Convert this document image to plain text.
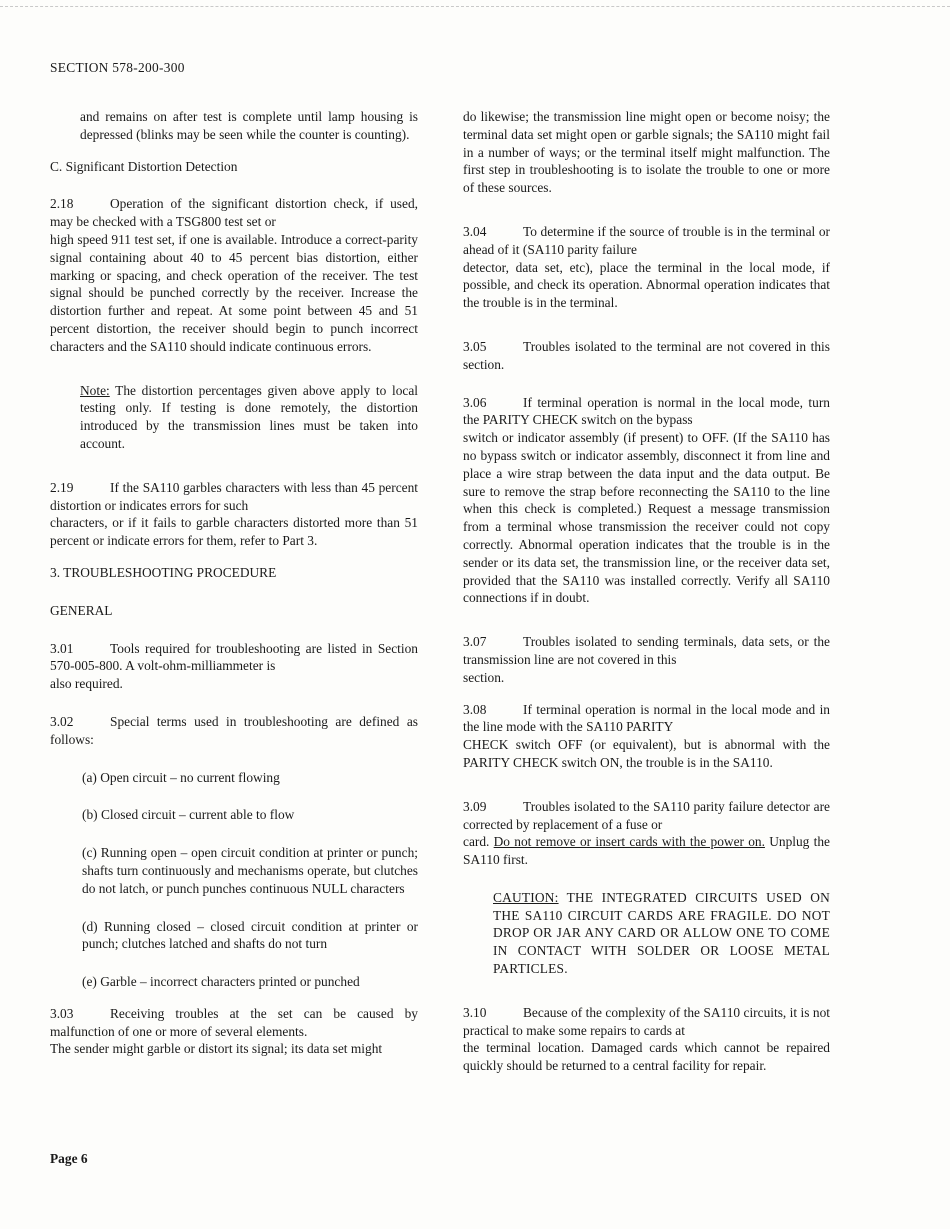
SECTION 578-200-300

and remains on after test is complete until lamp housing is depressed (blinks may be seen while the counter is counting).

C. Significant Distortion Detection

2.18	Operation of the significant distortion check, if used, may be checked with a TSG800 test set or

high speed 911 test set, if one is available. Introduce a correct-parity signal containing about 40 to 45 percent bias distortion, either marking or spacing, and check operation of the receiver. The test signal should be punched correctly by the receiver. Increase the distortion further and repeat. At some point between 45 and 51 percent distortion, the receiver should begin to punch incorrect characters and the SA110 should indicate continuous errors.

Note: The distortion percentages given above apply to local testing only. If testing is done remotely, the distortion introduced by the transmission lines must be taken into account.

2.19	If the SA110 garbles characters with less than 45 percent distortion or indicates errors for such

characters, or if it fails to garble characters distorted more than 51 percent or indicate errors for them, refer to Part 3.

3. TROUBLESHOOTING PROCEDURE

GENERAL

3.01	Tools required for troubleshooting are listed in Section 570-005-800. A volt-ohm-milliammeter is

also required.

3.02	Special terms used in troubleshooting are defined as follows:

(a) Open circuit – no current flowing

(b) Closed circuit – current able to flow

(c) Running open – open circuit condition at printer or punch; shafts turn continuously and mechanisms operate, but clutches do not latch, or punch punches continuous NULL characters

(d) Running closed – closed circuit condition at printer or punch; clutches latched and shafts do not turn

(e) Garble – incorrect characters printed or punched

3.03	Receiving troubles at the set can be caused by malfunction of one or more of several elements.

The sender might garble or distort its signal; its data set might

do likewise; the transmission line might open or become noisy; the terminal data set might open or garble signals; the SA110 might fail in a number of ways; or the terminal itself might malfunction. The first step in troubleshooting is to isolate the trouble to one or more of these sources.

3.04	To determine if the source of trouble is in the terminal or ahead of it (SA110 parity failure

detector, data set, etc), place the terminal in the local mode, if possible, and check its operation. Abnormal operation indicates that the trouble is in the terminal.

3.05	Troubles isolated to the terminal are not covered in this section.

3.06	If terminal operation is normal in the local mode, turn the PARITY CHECK switch on the bypass

switch or indicator assembly (if present) to OFF. (If the SA110 has no bypass switch or indicator assembly, disconnect it from line and place a wire strap between the data input and the data output. Be sure to remove the strap before reconnecting the SA110 to the line when this check is completed.) Request a message transmission from a terminal whose transmission the receiver could not copy correctly. Abnormal operation indicates that the trouble is in the sender or its data set, the transmission line, or the receiver data set, provided that the SA110 was installed correctly. Verify all SA110 connections if in doubt.

3.07	Troubles isolated to sending terminals, data sets, or the transmission line are not covered in this

section.

3.08	If terminal operation is normal in the local mode and in the line mode with the SA110 PARITY

CHECK switch OFF (or equivalent), but is abnormal with the PARITY CHECK switch ON, the trouble is in the SA110.

3.09	Troubles isolated to the SA110 parity failure detector are corrected by replacement of a fuse or

card. Do not remove or insert cards with the power on. Unplug the SA110 first.

CAUTION: THE INTEGRATED CIRCUITS USED ON THE SA110 CIRCUIT CARDS ARE FRAGILE. DO NOT DROP OR JAR ANY CARD OR ALLOW ONE TO COME IN CONTACT WITH SOLDER OR LOOSE METAL PARTICLES.

3.10	Because of the complexity of the SA110 circuits, it is not practical to make some repairs to cards at

the terminal location. Damaged cards which cannot be repaired quickly should be returned to a central facility for repair.

Page 6
